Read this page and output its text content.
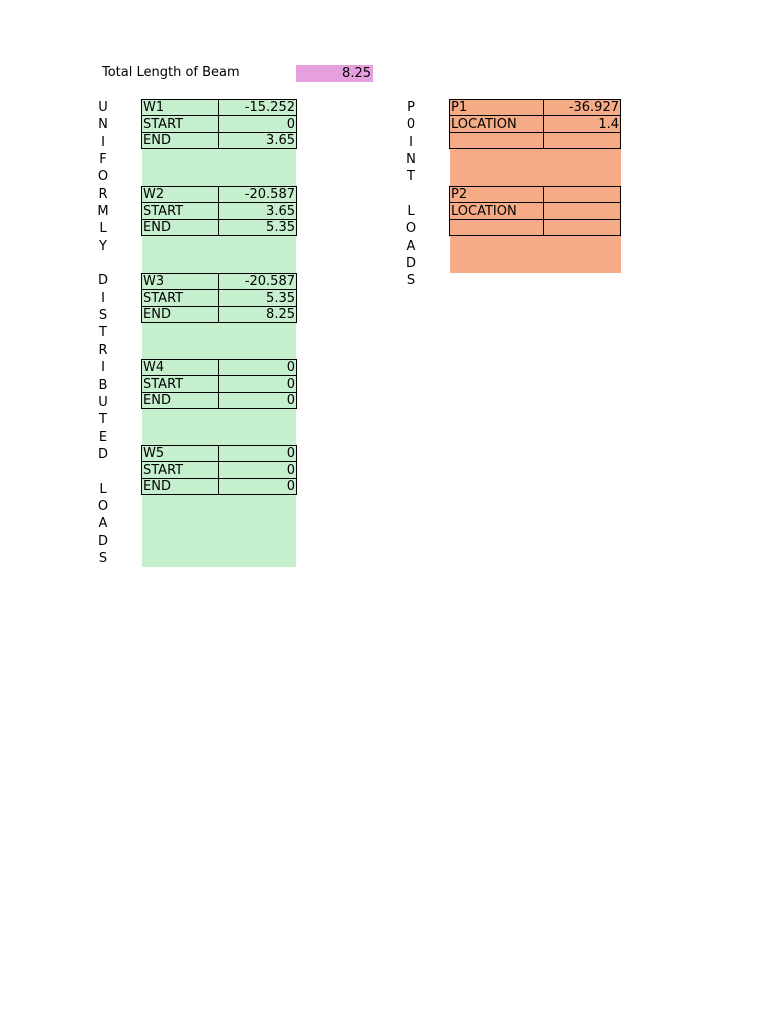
Total Length of Beam	8.25
U
N
I
F
O
R
M
L
Y
D
I
S
T
R
I
B
U
T
E
D
L
O
A
D
S
W1	-15.252
START	0
END	3.65
W2	-20.587
START	3.65
END	5.35
W3	-20.587
START	5.35
END	8.25
W4	0
START	0
END	0
W5	0
START	0
END	0
P
0
I
N
T
L
O
A
D
S
P1	-36.927
LOCATION	1.4

P2	
LOCATION	
